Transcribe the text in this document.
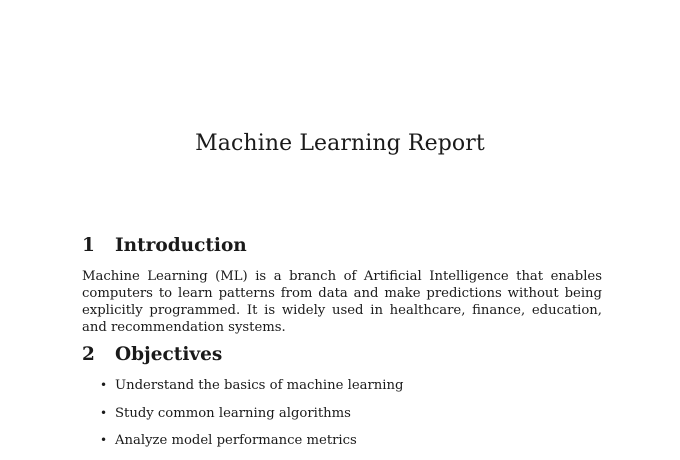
Machine Learning Report
1 Introduction

Machine Learning (ML) is a branch of Artificial Intelligence that enables computers to learn patterns from data and make predictions without being explicitly programmed. It is widely used in healthcare, finance, education, and recommendation systems.

2 Objectives
• Understand the basics of machine learning
• Study common learning algorithms
• Analyze model performance metrics
